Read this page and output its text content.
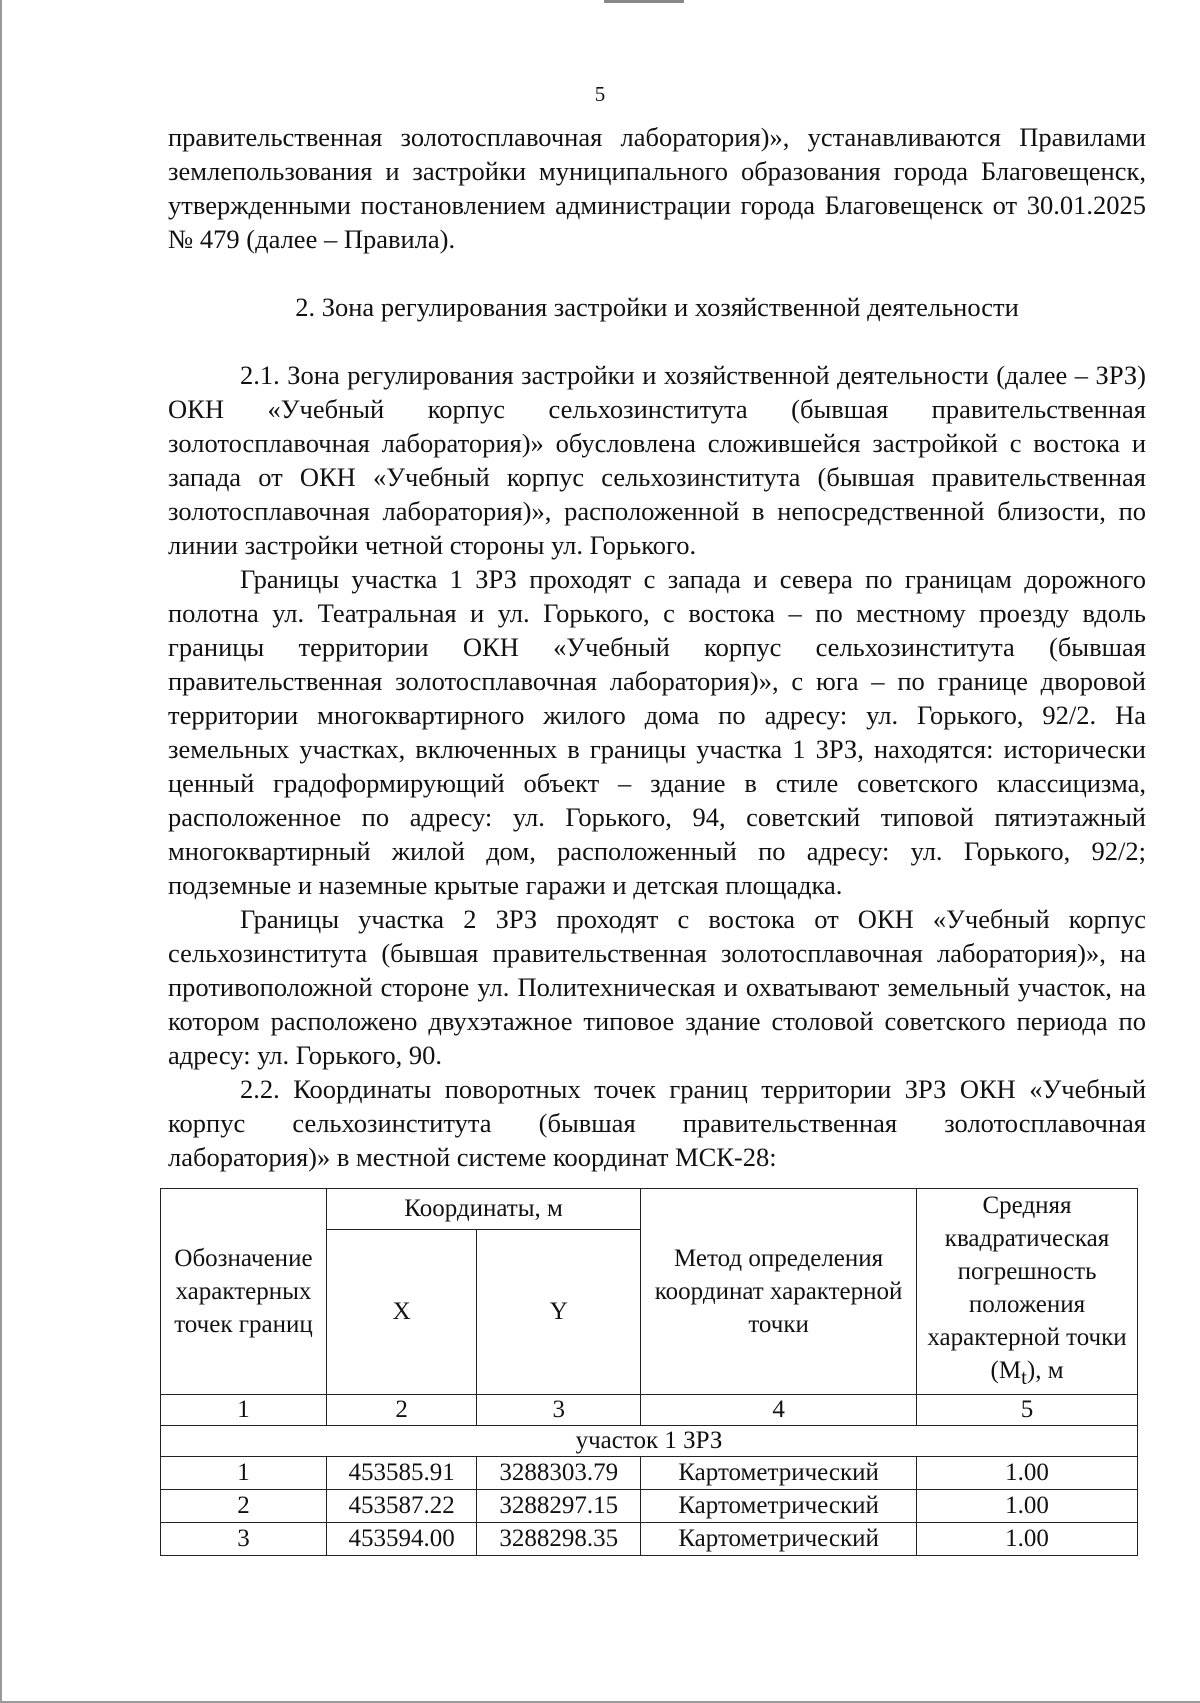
5

правительственная золотосплавочная лаборатория)», устанавливаются Правилами землепользования и застройки муниципального образования города Благовещенск, утвержденными постановлением администрации города Благовещенск от 30.01.2025 № 479 (далее – Правила).

2. Зона регулирования застройки и хозяйственной деятельности

2.1. Зона регулирования застройки и хозяйственной деятельности (далее – ЗРЗ) ОКН «Учебный корпус сельхозинститута (бывшая правительственная золотосплавочная лаборатория)» обусловлена сложившейся застройкой с востока и запада от ОКН «Учебный корпус сельхозинститута (бывшая правительственная золотосплавочная лаборатория)», расположенной в непосредственной близости, по линии застройки четной стороны ул. Горького.

Границы участка 1 ЗРЗ проходят с запада и севера по границам дорожного полотна ул. Театральная и ул. Горького, с востока – по местному проезду вдоль границы территории ОКН «Учебный корпус сельхозинститута (бывшая правительственная золотосплавочная лаборатория)», с юга – по границе дворовой территории многоквартирного жилого дома по адресу: ул. Горького, 92/2. На земельных участках, включенных в границы участка 1 ЗРЗ, находятся: исторически ценный градоформирующий объект – здание в стиле советского классицизма, расположенное по адресу: ул. Горького, 94, советский типовой пятиэтажный многоквартирный жилой дом, расположенный по адресу: ул. Горького, 92/2; подземные и наземные крытые гаражи и детская площадка.

Границы участка 2 ЗРЗ проходят с востока от ОКН «Учебный корпус сельхозинститута (бывшая правительственная золотосплавочная лаборатория)», на противоположной стороне ул. Политехническая и охватывают земельный участок, на котором расположено двухэтажное типовое здание столовой советского периода по адресу: ул. Горького, 90.

2.2. Координаты поворотных точек границ территории ЗРЗ ОКН «Учебный корпус сельхозинститута (бывшая правительственная золотосплавочная лаборатория)» в местной системе координат МСК-28:

Обозначение характерных точек границ	Координаты, м		Метод определения координат характерной точки	Средняя квадратическая погрешность положения характерной точки $(M_t)$, м
	X	Y		
1	2	3	4	5
участок 1 ЗРЗ				
1	453585.91	3288303.79	Картометрический	1.00
2	453587.22	3288297.15	Картометрический	1.00
3	453594.00	3288298.35	Картометрический	1.00
